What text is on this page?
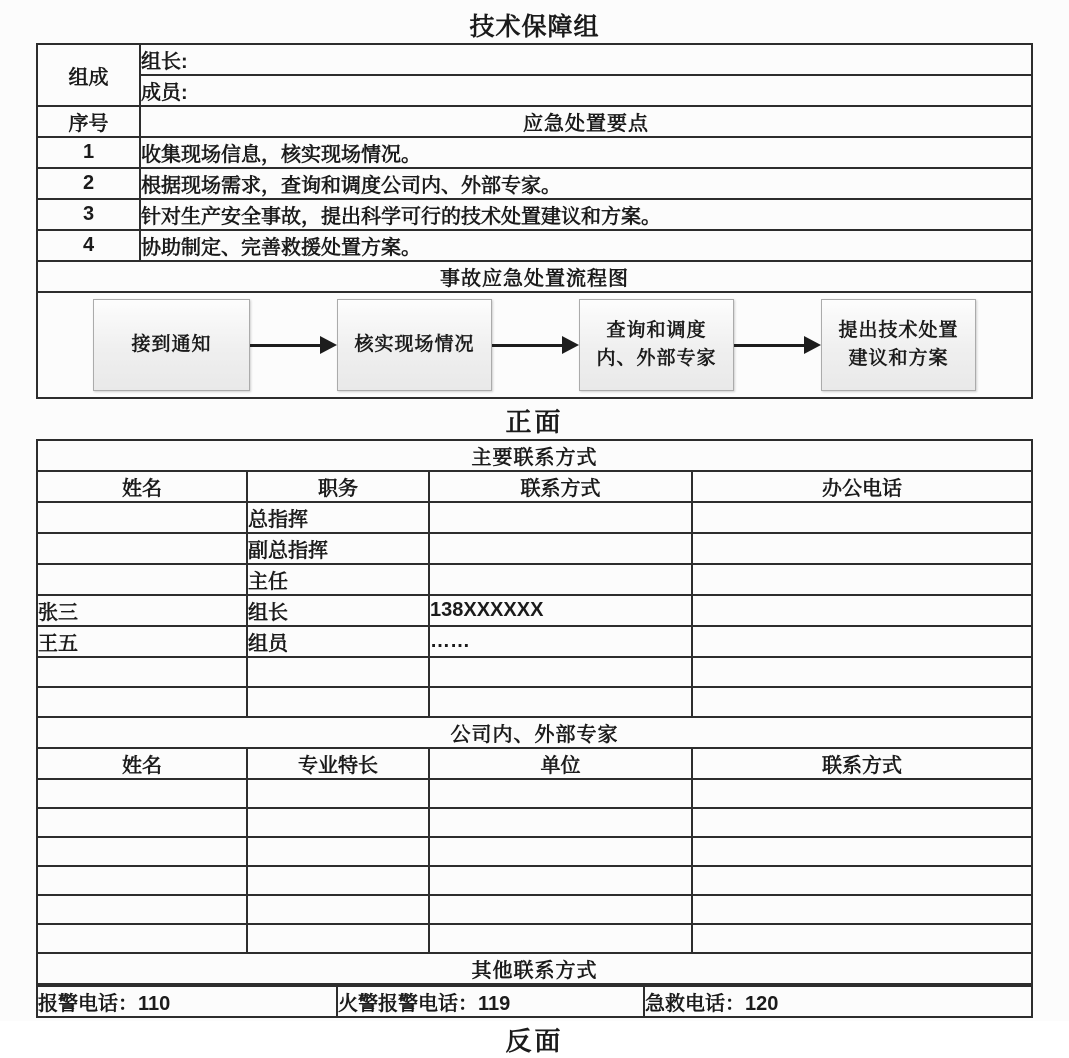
技术保障组
组成	组长:
	成员:
序号	应急处置要点
1	收集现场信息，核实现场情况。
2	根据现场需求，查询和调度公司内、外部专家。
3	针对生产安全事故，提出科学可行的技术处置建议和方案。
4	协助制定、完善救援处置方案。
事故应急处置流程图	

接到通知	核实现场情况
查询和调度
内、外部专家
提出技术处置
建议和方案
正面
主要联系方式			
姓名	职务	联系方式	办公电话
	总指挥		
	副总指挥		
	主任		
张三	组长	138XXXXXX	
王五	组员	……	

公司内、外部专家			
姓名	专业特长	单位	联系方式

其他联系方式			
报警电话：110	火警报警电话：119	急救电话：120
反面
